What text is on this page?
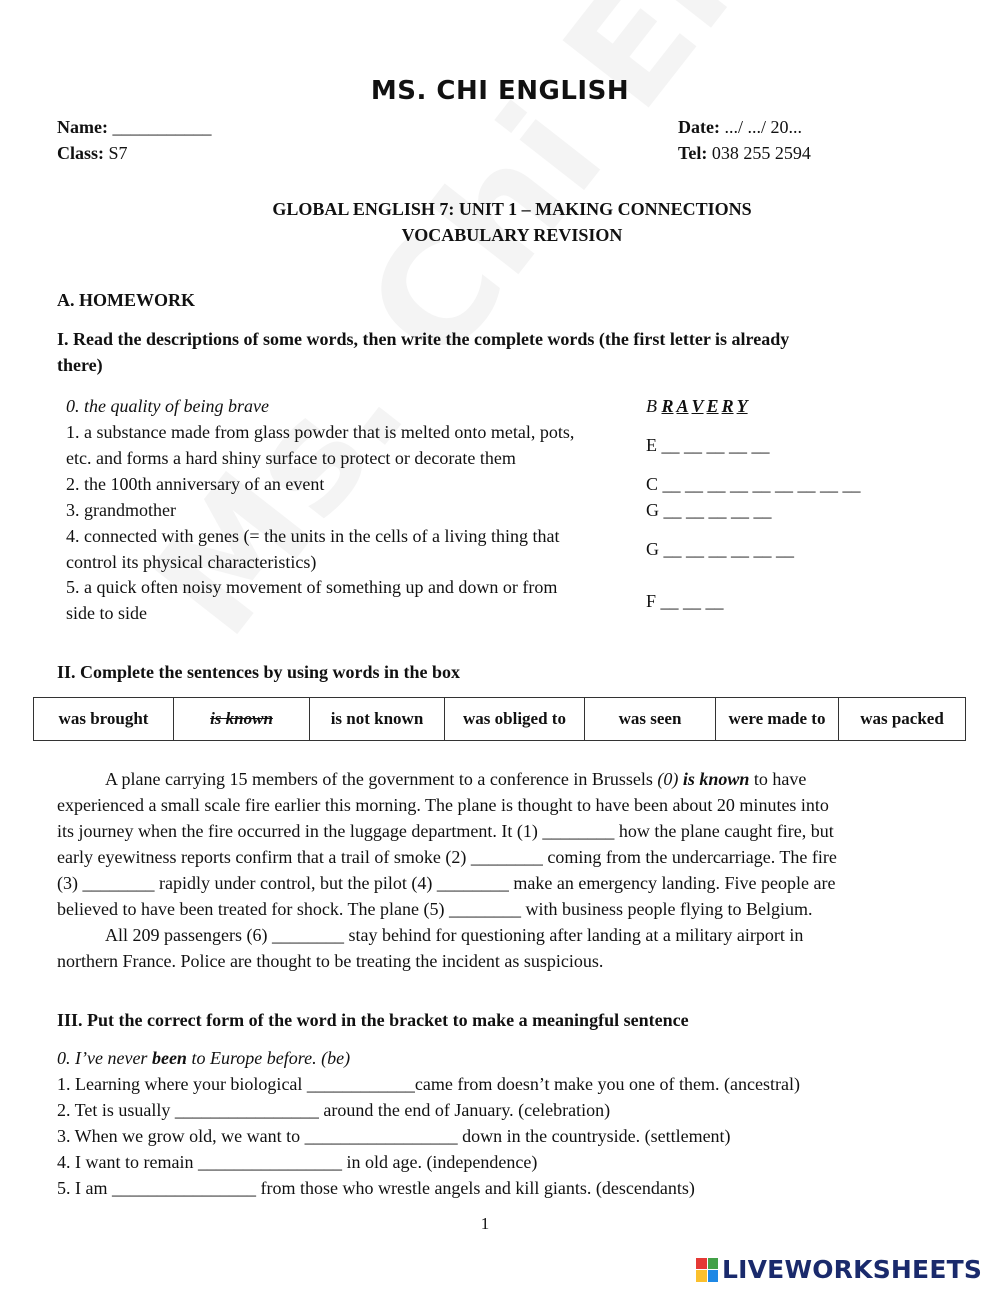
MS. CHI ENGLISH
Name: ___________	Date: .../ .../ 20...
Class: S7	Tel: 038 255 2594
GLOBAL ENGLISH 7: UNIT 1 – MAKING CONNECTIONS
VOCABULARY REVISION
A. HOMEWORK
I. Read the descriptions of some words, then write the complete words (the first letter is already
there)
0. the quality of being brave	B R A V E R Y
1. a substance made from glass powder that is melted onto metal, pots,
etc. and forms a hard shiny surface to protect or decorate them
E __ __ __ __ __
2. the 100th anniversary of an event	C __ __ __ __ __ __ __ __ __
3. grandmother	G __ __ __ __ __
4. connected with genes (= the units in the cells of a living thing that
control its physical characteristics)
G __ __ __ __ __ __
5. a quick often noisy movement of something up and down or from
side to side
F __ __ __
II. Complete the sentences by using words in the box
was brought	is known	is not known	was obliged to	was seen	were made to	was packed
A plane carrying 15 members of the government to a conference in Brussels (0) is known to have
experienced a small scale fire earlier this morning. The plane is thought to have been about 20 minutes into
its journey when the fire occurred in the luggage department. It (1) ________ how the plane caught fire, but
early eyewitness reports confirm that a trail of smoke (2) ________ coming from the undercarriage. The fire
(3) ________ rapidly under control, but the pilot (4) ________ make an emergency landing. Five people are
believed to have been treated for shock. The plane (5) ________ with business people flying to Belgium.
All 209 passengers (6) ________ stay behind for questioning after landing at a military airport in
northern France. Police are thought to be treating the incident as suspicious.
III. Put the correct form of the word in the bracket to make a meaningful sentence
0. I’ve never been to Europe before. (be)
1. Learning where your biological ____________came from doesn’t make you one of them. (ancestral)
2. Tet is usually ________________ around the end of January. (celebration)
3. When we grow old, we want to _________________ down in the countryside. (settlement)
4. I want to remain ________________ in old age. (independence)
5. I am ________________ from those who wrestle angels and kill giants. (descendants)
1
LIVEWORKSHEETS
